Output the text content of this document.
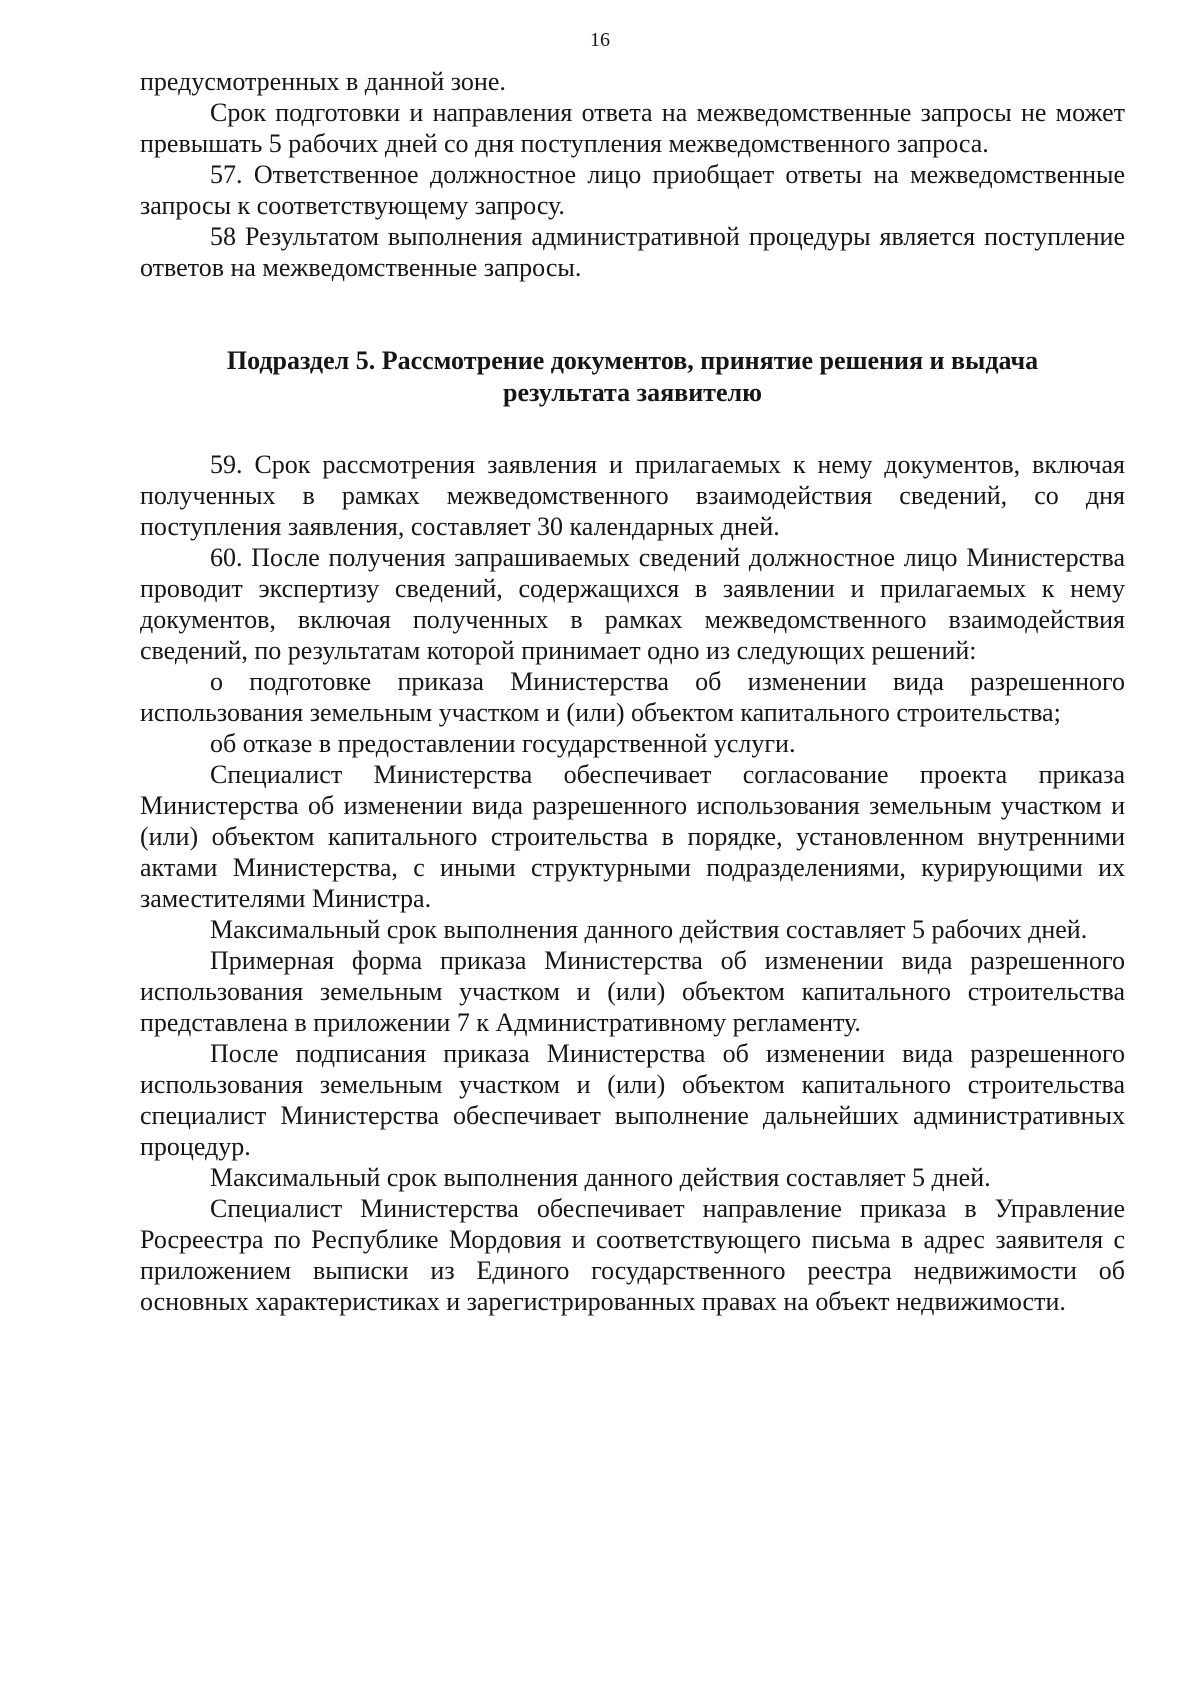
16

предусмотренных в данной зоне.

Срок подготовки и направления ответа на межведомственные запросы не может превышать 5 рабочих дней со дня поступления межведомственного запроса.

57. Ответственное должностное лицо приобщает ответы на межведомственные запросы к соответствующему запросу.

58 Результатом выполнения административной процедуры является поступление ответов на межведомственные запросы.

Подраздел 5. Рассмотрение документов, принятие решения и выдача результата заявителю

59. Срок рассмотрения заявления и прилагаемых к нему документов, включая полученных в рамках межведомственного взаимодействия сведений, со дня поступления заявления, составляет 30 календарных дней.

60. После получения запрашиваемых сведений должностное лицо Министерства проводит экспертизу сведений, содержащихся в заявлении и прилагаемых к нему документов, включая полученных в рамках межведомственного взаимодействия сведений, по результатам которой принимает одно из следующих решений:

о подготовке приказа Министерства об изменении вида разрешенного использования земельным участком и (или) объектом капитального строительства;

об отказе в предоставлении государственной услуги.

Специалист Министерства обеспечивает согласование проекта приказа Министерства об изменении вида разрешенного использования земельным участком и (или) объектом капитального строительства в порядке, установленном внутренними актами Министерства, с иными структурными подразделениями, курирующими их заместителями Министра.

Максимальный срок выполнения данного действия составляет 5 рабочих дней.

Примерная форма приказа Министерства об изменении вида разрешенного использования земельным участком и (или) объектом капитального строительства представлена в приложении 7 к Административному регламенту.

После подписания приказа Министерства об изменении вида разрешенного использования земельным участком и (или) объектом капитального строительства специалист Министерства обеспечивает выполнение дальнейших административных процедур.

Максимальный срок выполнения данного действия составляет 5 дней.

Специалист Министерства обеспечивает направление приказа в Управление Росреестра по Республике Мордовия и соответствующего письма в адрес заявителя с приложением выписки из Единого государственного реестра недвижимости об основных характеристиках и зарегистрированных правах на объект недвижимости.
